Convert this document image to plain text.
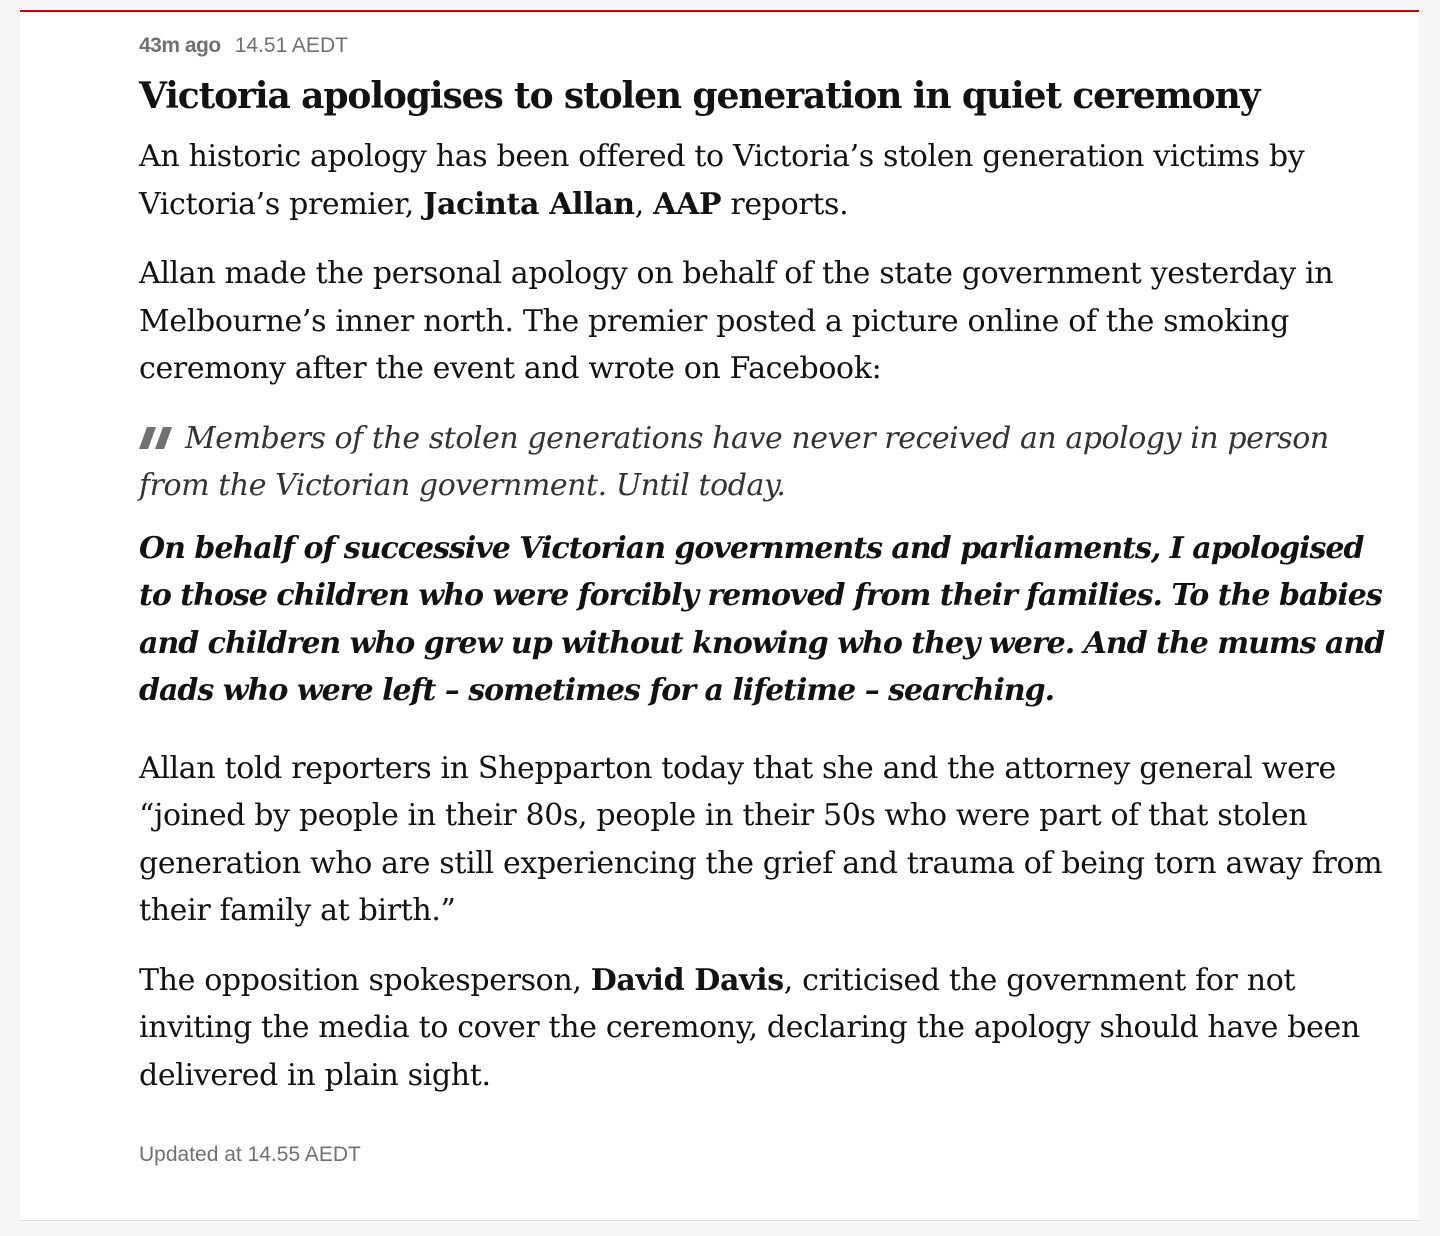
43m ago 14.51 AEDT
Victoria apologises to stolen generation in quiet ceremony

An historic apology has been offered to Victoria’s stolen generation victims by Victoria’s premier, Jacinta Allan, AAP reports.

Allan made the personal apology on behalf of the state government yesterday in Melbourne’s inner north. The premier posted a picture online of the smoking ceremony after the event and wrote on Facebook:

Members of the stolen generations have never received an apology in person from the Victorian government. Until today.

On behalf of successive Victorian governments and parliaments, I apologised to those children who were forcibly removed from their families. To the babies and children who grew up without knowing who they were. And the mums and dads who were left – sometimes for a lifetime – searching.

Allan told reporters in Shepparton today that she and the attorney general were “joined by people in their 80s, people in their 50s who were part of that stolen generation who are still experiencing the grief and trauma of being torn away from their family at birth.”

The opposition spokesperson, David Davis, criticised the government for not inviting the media to cover the ceremony, declaring the apology should have been delivered in plain sight.

Updated at 14.55 AEDT
